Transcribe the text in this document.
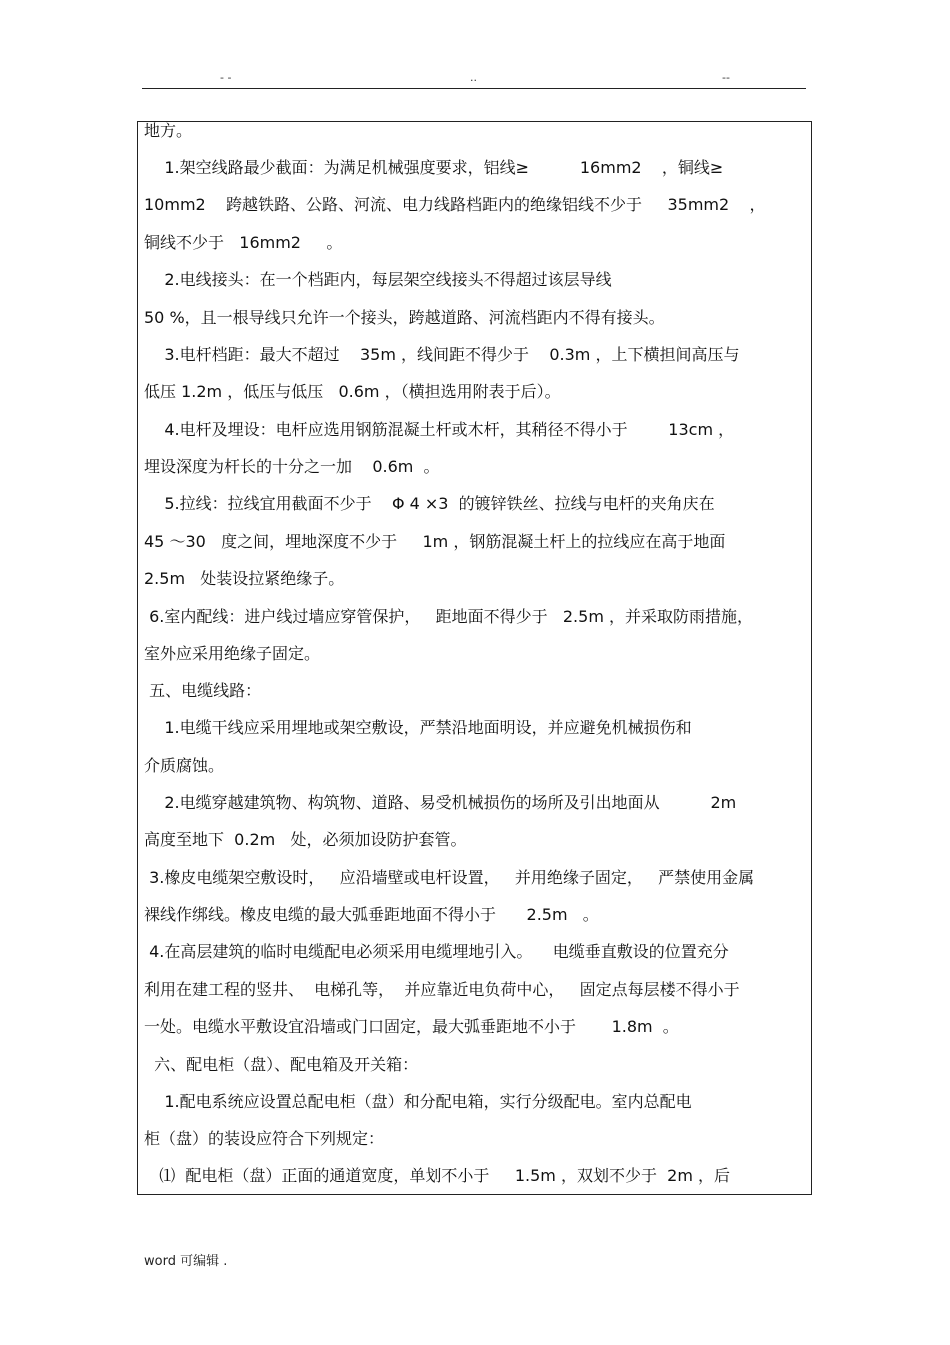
- -	..	--
地方。
1.架空线路最少截面：为满足机械强度要求，铝线≥          16mm2    ，铜线≥
10mm2    跨越铁路、公路、河流、电力线路档距内的绝缘铝线不少于     35mm2    ，
铜线不少于   16mm2     。
2.电线接头：在一个档距内，每层架空线接头不得超过该层导线
50 %，且一根导线只允许一个接头，跨越道路、河流档距内不得有接头。
3.电杆档距：最大不超过    35m ，线间距不得少于    0.3m ，上下横担间高压与
低压 1.2m ，低压与低压   0.6m ，（横担选用附表于后）。
4.电杆及埋设：电杆应选用钢筋混凝土杆或木杆，其稍径不得小于        13cm ，
埋设深度为杆长的十分之一加    0.6m  。
5.拉线：拉线宜用截面不少于    Φ 4 ×3  的镀锌铁丝、拉线与电杆的夹角庆在
45 ～30   度之间，埋地深度不少于     1m ，钢筋混凝土杆上的拉线应在高于地面
2.5m   处装设拉紧绝缘子。
6.室内配线：进户线过墙应穿管保护，   距地面不得少于   2.5m ，并采取防雨措施，
室外应采用绝缘子固定。
五、电缆线路：
1.电缆干线应采用埋地或架空敷设，严禁沿地面明设，并应避免机械损伤和
介质腐蚀。
2.电缆穿越建筑物、构筑物、道路、易受机械损伤的场所及引出地面从          2m
高度至地下  0.2m   处，必须加设防护套管。
3.橡皮电缆架空敷设时，   应沿墙壁或电杆设置，   并用绝缘子固定，   严禁使用金属
裸线作绑线。橡皮电缆的最大弧垂距地面不得小于      2.5m   。
4.在高层建筑的临时电缆配电必须采用电缆埋地引入。    电缆垂直敷设的位置充分
利用在建工程的竖井、  电梯孔等，  并应靠近电负荷中心，   固定点每层楼不得小于
一处。电缆水平敷设宜沿墙或门口固定，最大弧垂距地不小于       1.8m  。
六、配电柜（盘）、配电箱及开关箱：
1.配电系统应设置总配电柜（盘）和分配电箱，实行分级配电。室内总配电
柜（盘）的装设应符合下列规定：
⑴  配电柜（盘）正面的通道宽度，单划不小于     1.5m ，双划不少于  2m ，后
word 可编辑 .
